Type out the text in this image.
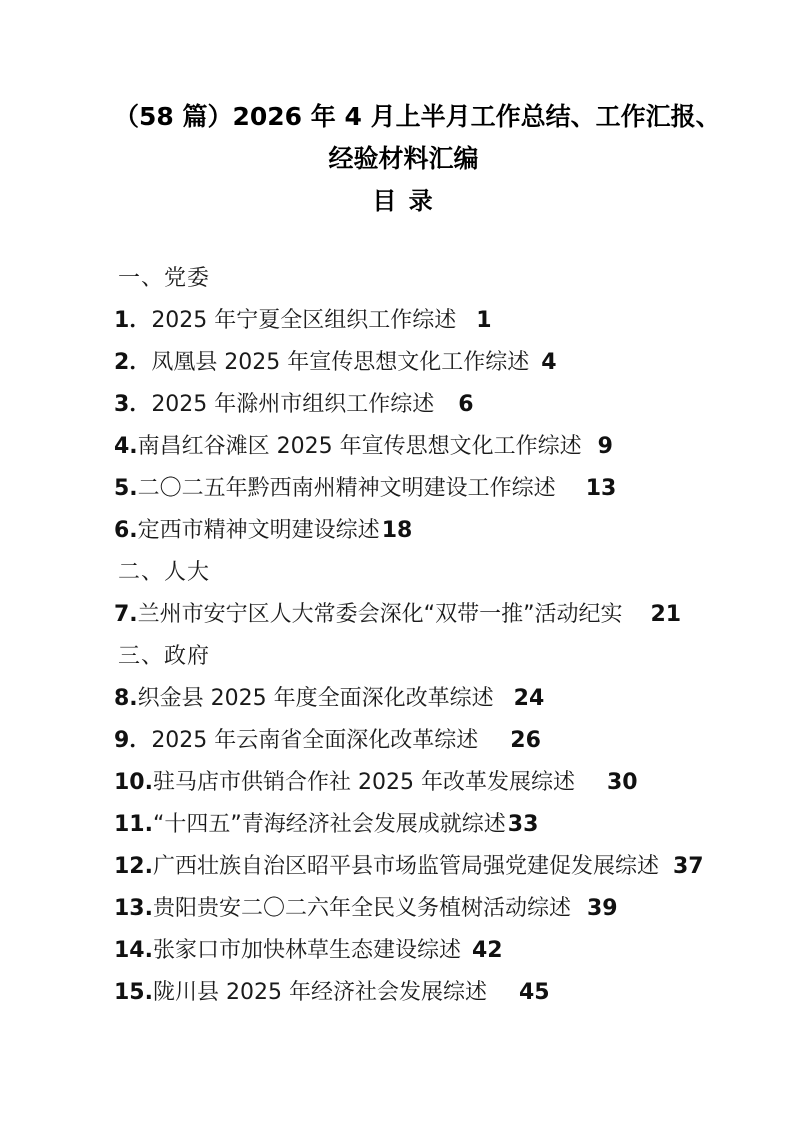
（58 篇）2026 年 4 月上半月工作总结、工作汇报、
经验材料汇编
目 录
一、党委
1．2025 年宁夏全区组织工作综述 1
2．凤凰县 2025 年宣传思想文化工作综述 4
3．2025 年滁州市组织工作综述 6
4.南昌红谷滩区 2025 年宣传思想文化工作综述 9
5.二〇二五年黔西南州精神文明建设工作综述 13
6.定西市精神文明建设综述18
二、人大
7.兰州市安宁区人大常委会深化“双带一推”活动纪实 21
三、政府
8.织金县 2025 年度全面深化改革综述 24
9．2025 年云南省全面深化改革综述 26
10.驻马店市供销合作社 2025 年改革发展综述 30
11.“十四五”青海经济社会发展成就综述33
12.广西壮族自治区昭平县市场监管局强党建促发展综述 37
13.贵阳贵安二〇二六年全民义务植树活动综述 39
14.张家口市加快林草生态建设综述 42
15.陇川县 2025 年经济社会发展综述 45
